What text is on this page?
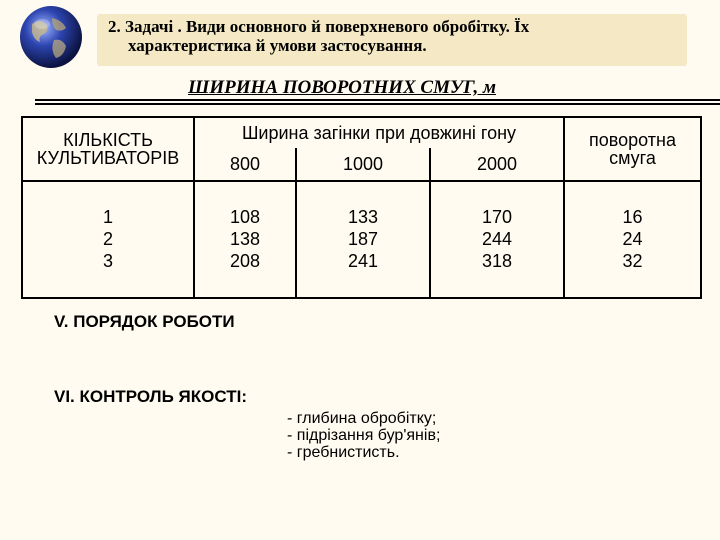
2. Задачі . Види основного й поверхневого обробітку. Їх
характеристика й умови застосування.
ШИРИНА ПОВОРОТНИХ СМУГ, м
КІЛЬКІСТЬ КУЛЬТИВАТОРІВ	Ширина загінки при довжині гону			поворотна смуга
	800	1000	2000	

1	108	133	170	16
2	138	187	244	24
3	208	241	318	32

V. ПОРЯДОК РОБОТИ

VI. КОНТРОЛЬ ЯКОСТІ:

- глибина обробітку;
- підрізання бур'янів;
- гребнистисть.
